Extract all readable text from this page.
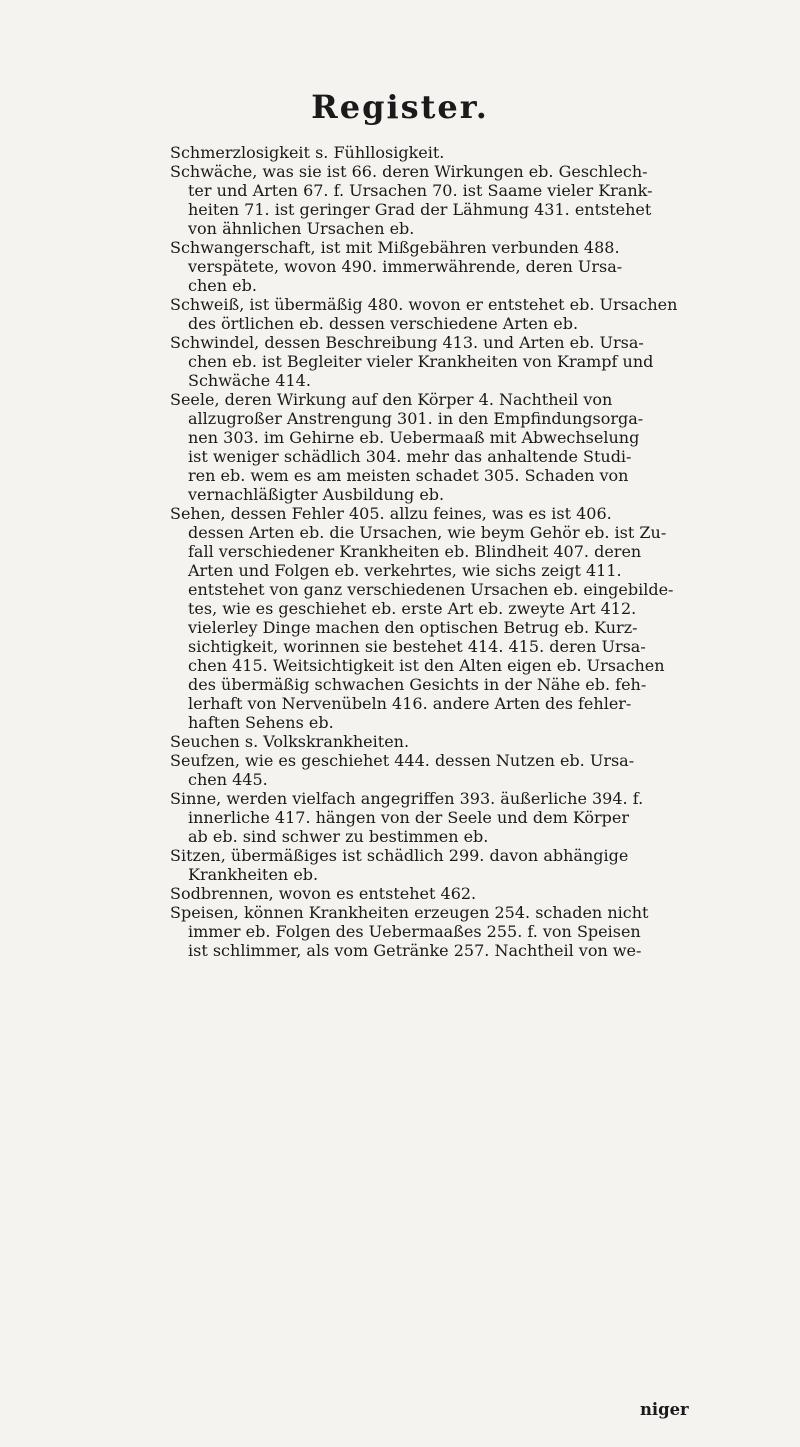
Register.
Schmerzlosigkeit s. Fühllosigkeit.
Schwäche, was sie ist 66. deren Wirkungen eb. Geschlech-
ter und Arten 67. f. Ursachen 70. ist Saame vieler Krank-
heiten 71. ist geringer Grad der Lähmung 431. entstehet
von ähnlichen Ursachen eb.
Schwangerschaft, ist mit Mißgebähren verbunden 488.
verspätete, wovon 490. immerwährende, deren Ursa-
chen eb.
Schweiß, ist übermäßig 480. wovon er entstehet eb. Ursachen
des örtlichen eb. dessen verschiedene Arten eb.
Schwindel, dessen Beschreibung 413. und Arten eb. Ursa-
chen eb. ist Begleiter vieler Krankheiten von Krampf und
Schwäche 414.
Seele, deren Wirkung auf den Körper 4. Nachtheil von
allzugroßer Anstrengung 301. in den Empfindungsorga-
nen 303. im Gehirne eb. Uebermaaß mit Abwechselung
ist weniger schädlich 304. mehr das anhaltende Studi-
ren eb. wem es am meisten schadet 305. Schaden von
vernachläßigter Ausbildung eb.
Sehen, dessen Fehler 405. allzu feines, was es ist 406.
dessen Arten eb. die Ursachen, wie beym Gehör eb. ist Zu-
fall verschiedener Krankheiten eb. Blindheit 407. deren
Arten und Folgen eb. verkehrtes, wie sichs zeigt 411.
entstehet von ganz verschiedenen Ursachen eb. eingebilde-
tes, wie es geschiehet eb. erste Art eb. zweyte Art 412.
vielerley Dinge machen den optischen Betrug eb. Kurz-
sichtigkeit, worinnen sie bestehet 414. 415. deren Ursa-
chen 415. Weitsichtigkeit ist den Alten eigen eb. Ursachen
des übermäßig schwachen Gesichts in der Nähe eb. feh-
lerhaft von Nervenübeln 416. andere Arten des fehler-
haften Sehens eb.
Seuchen s. Volkskrankheiten.
Seufzen, wie es geschiehet 444. dessen Nutzen eb. Ursa-
chen 445.
Sinne, werden vielfach angegriffen 393. äußerliche 394. f.
innerliche 417. hängen von der Seele und dem Körper
ab eb. sind schwer zu bestimmen eb.
Sitzen, übermäßiges ist schädlich 299. davon abhängige
Krankheiten eb.
Sodbrennen, wovon es entstehet 462.
Speisen, können Krankheiten erzeugen 254. schaden nicht
immer eb. Folgen des Uebermaaßes 255. f. von Speisen
ist schlimmer, als vom Getränke 257. Nachtheil von we-
niger
